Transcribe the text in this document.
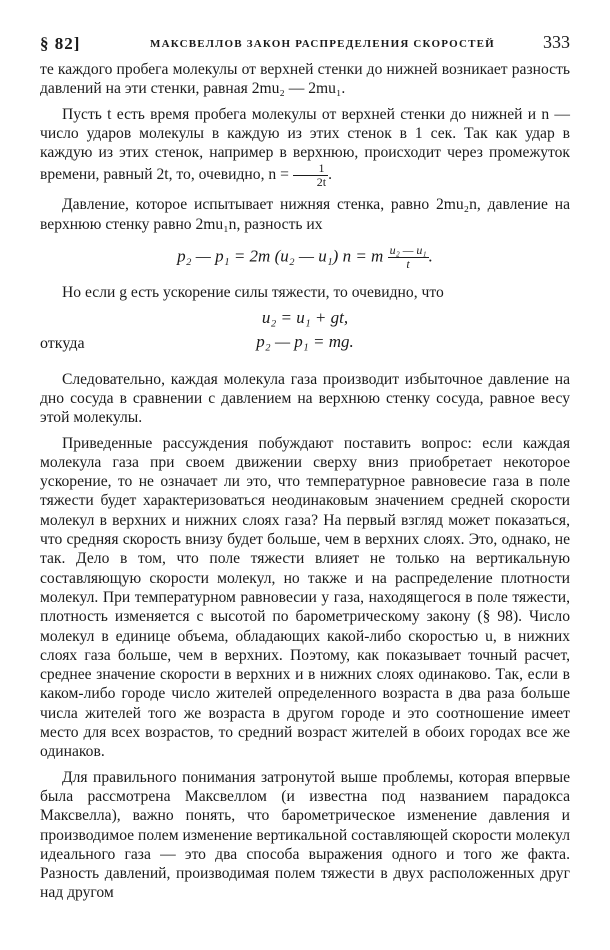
§ 82]	МАКСВЕЛЛОВ ЗАКОН РАСПРЕДЕЛЕНИЯ СКОРОСТЕЙ	333

те каждого пробега молекулы от верхней стенки до нижней возникает разность давлений на эти стенки, равная 2mu₂ — 2mu₁.

Пусть t есть время пробега молекулы от верхней стенки до нижней и n — число ударов молекулы в каждую из этих стенок в 1 сек. Так как удар в каждую из этих стенок, например в верхнюю, происходит через промежуток времени, равный 2t, то, очевидно, $n = \frac{1}{2t}$ .

Давление, которое испытывает нижняя стенка, равно 2mu₂n, давление на верхнюю стенку равно 2mu₁n, разность их

p₂ — p₁ = 2m (u₂ — u₁) n = m $\frac{\text{u₂ — u₁}}{t}$ .

Но если g есть ускорение силы тяжести, то очевидно, что

u₂ = u₁ + gt,
откуда	p₂ — p₁ = mg.

Следовательно, каждая молекула газа производит избыточное давление на дно сосуда в сравнении с давлением на верхнюю стенку сосуда, равное весу этой молекулы.

Приведенные рассуждения побуждают поставить вопрос: если каждая молекула газа при своем движении сверху вниз приобретает некоторое ускорение, то не означает ли это, что температурное равновесие газа в поле тяжести будет характеризоваться неодинаковым значением средней скорости молекул в верхних и нижних слоях газа? На первый взгляд может показаться, что средняя скорость внизу будет больше, чем в верхних слоях. Это, однако, не так. Дело в том, что поле тяжести влияет не только на вертикальную составляющую скорости молекул, но также и на распределение плотности молекул. При температурном равновесии у газа, находящегося в поле тяжести, плотность изменяется с высотой по барометрическому закону (§ 98). Число молекул в единице объема, обладающих какой-либо скоростью u, в нижних слоях газа больше, чем в верхних. Поэтому, как показывает точный расчет, среднее значение скорости в верхних и в нижних слоях одинаково. Так, если в каком-либо городе число жителей определенного возраста в два раза больше числа жителей того же возраста в другом городе и это соотношение имеет место для всех возрастов, то средний возраст жителей в обоих городах все же одинаков.

Для правильного понимания затронутой выше проблемы, которая впервые была рассмотрена Максвеллом (и известна под названием парадокса Максвелла), важно понять, что барометрическое изменение давления и производимое полем изменение вертикальной составляющей скорости молекул идеального газа — это два способа выражения одного и того же факта. Разность давлений, производимая полем тяжести в двух расположенных друг над другом
